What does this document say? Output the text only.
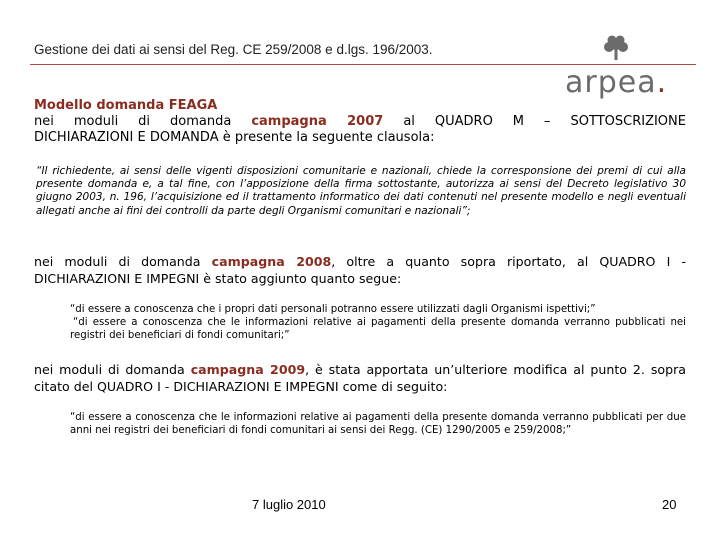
Gestione dei dati ai sensi del Reg. CE 259/2008 e d.lgs. 196/2003.
arpea.
Modello domanda FEAGA
nei moduli di domanda campagna 2007 al QUADRO M – SOTTOSCRIZIONE
DICHIARAZIONI E DOMANDA è presente la seguente clausola:
“Il richiedente, ai sensi delle vigenti disposizioni comunitarie e nazionali, chiede la corresponsione dei premi di cui alla presente domanda e, a tal fine, con l’apposizione della firma sottostante, autorizza ai sensi del Decreto legislativo 30 giugno 2003, n. 196, l’acquisizione ed il trattamento informatico dei dati contenuti nel presente modello e negli eventuali allegati anche ai fini dei controlli da parte degli Organismi comunitari e nazionali”;
nei moduli di domanda campagna 2008, oltre a quanto sopra riportato, al QUADRO I - DICHIARAZIONI E IMPEGNI è stato aggiunto quanto segue:
“di essere a conoscenza che i propri dati personali potranno essere utilizzati dagli Organismi ispettivi;”
“di essere a conoscenza che le informazioni relative ai pagamenti della presente domanda verranno pubblicati nei registri dei beneficiari di fondi comunitari;”
nei moduli di domanda campagna 2009, è stata apportata un’ulteriore modifica al punto 2. sopra citato del QUADRO I - DICHIARAZIONI E IMPEGNI come di seguito:
“di essere a conoscenza che le informazioni relative ai pagamenti della presente domanda verranno pubblicati per due anni nei registri dei beneficiari di fondi comunitari ai sensi dei Regg. (CE) 1290/2005 e 259/2008;”
7 luglio 2010	20
